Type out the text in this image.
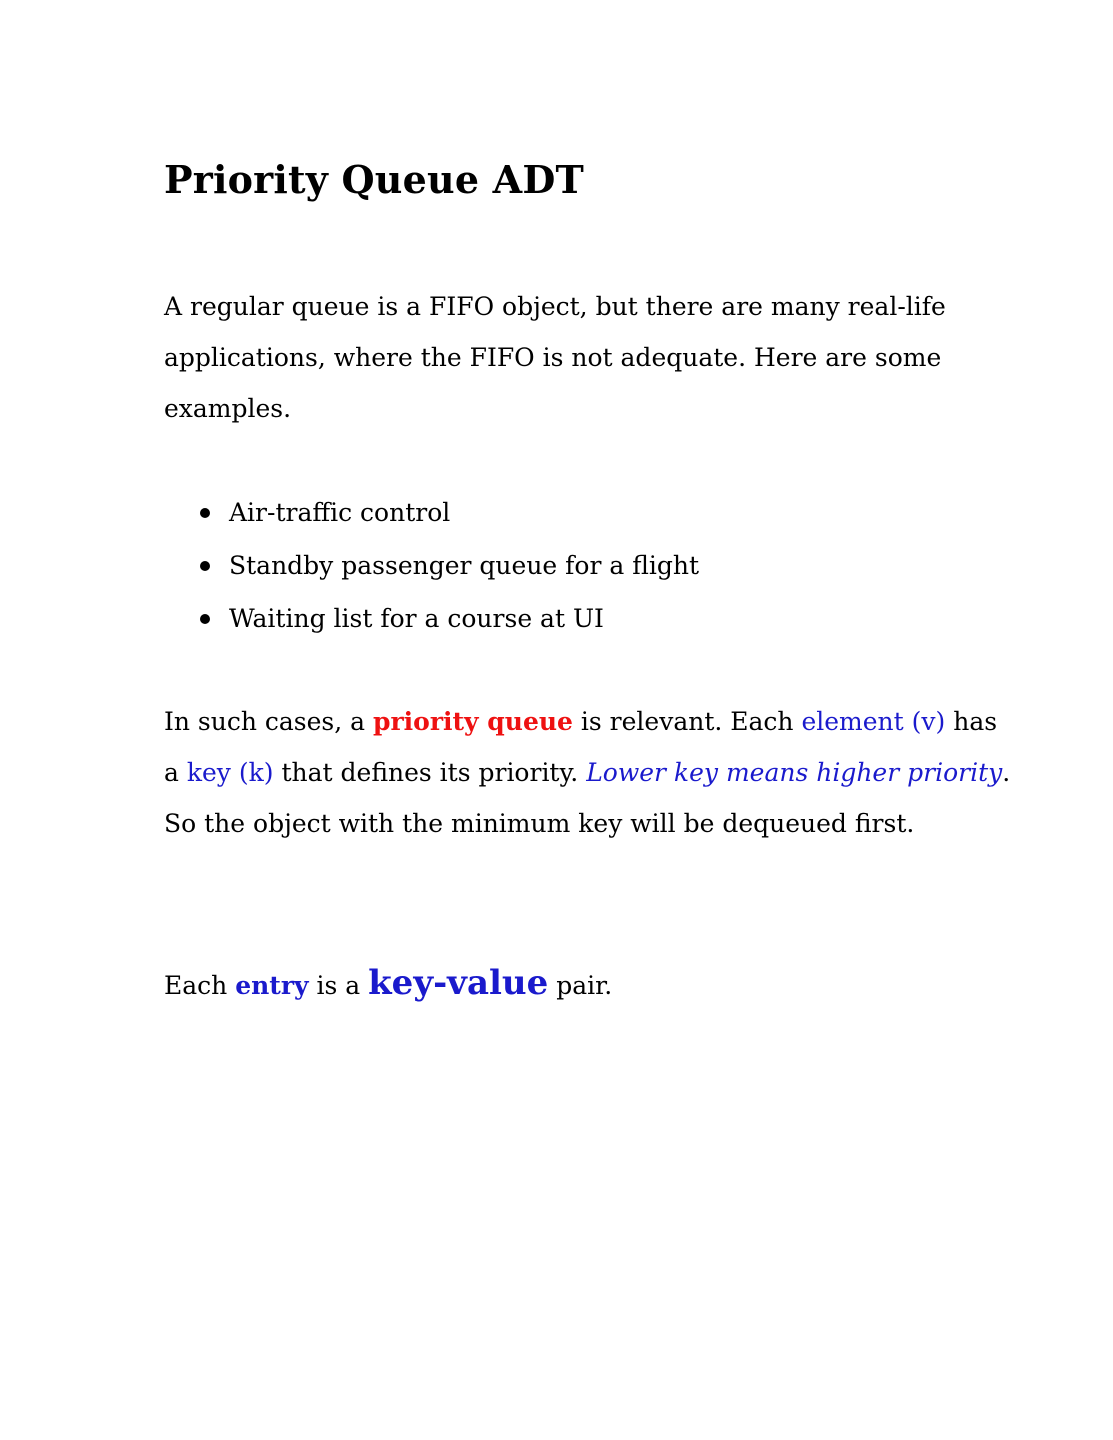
Priority Queue ADT

A regular queue is a FIFO object, but there are many real-life applications, where the FIFO is not adequate. Here are some examples.

Air-traffic control
Standby passenger queue for a flight
Waiting list for a course at UI

In such cases, a priority queue is relevant. Each element (v) has a key (k) that defines its priority. Lower key means higher priority. So the object with the minimum key will be dequeued first.

Each entry is a key-value pair.
